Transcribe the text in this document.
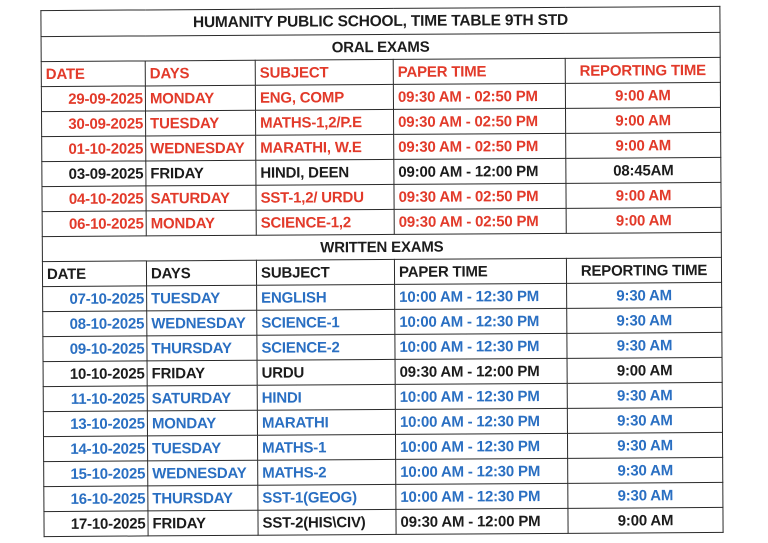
HUMANITY PUBLIC SCHOOL, TIME TABLE 9TH STD				
ORAL EXAMS				
DATE	DAYS	SUBJECT	PAPER TIME	REPORTING TIME
29-09-2025	MONDAY	ENG, COMP	09:30 AM - 02:50 PM	9:00 AM
30-09-2025	TUESDAY	MATHS-1,2/P.E	09:30 AM - 02:50 PM	9:00 AM
01-10-2025	WEDNESDAY	MARATHI, W.E	09:30 AM - 02:50 PM	9:00 AM
03-09-2025	FRIDAY	HINDI, DEEN	09:00 AM - 12:00 PM	08:45AM
04-10-2025	SATURDAY	SST-1,2/ URDU	09:30 AM - 02:50 PM	9:00 AM
06-10-2025	MONDAY	SCIENCE-1,2	09:30 AM - 02:50 PM	9:00 AM
WRITTEN EXAMS				
DATE	DAYS	SUBJECT	PAPER TIME	REPORTING TIME
07-10-2025	TUESDAY	ENGLISH	10:00 AM - 12:30 PM	9:30 AM
08-10-2025	WEDNESDAY	SCIENCE-1	10:00 AM - 12:30 PM	9:30 AM
09-10-2025	THURSDAY	SCIENCE-2	10:00 AM - 12:30 PM	9:30 AM
10-10-2025	FRIDAY	URDU	09:30 AM - 12:00 PM	9:00 AM
11-10-2025	SATURDAY	HINDI	10:00 AM - 12:30 PM	9:30 AM
13-10-2025	MONDAY	MARATHI	10:00 AM - 12:30 PM	9:30 AM
14-10-2025	TUESDAY	MATHS-1	10:00 AM - 12:30 PM	9:30 AM
15-10-2025	WEDNESDAY	MATHS-2	10:00 AM - 12:30 PM	9:30 AM
16-10-2025	THURSDAY	SST-1(GEOG)	10:00 AM - 12:30 PM	9:30 AM
17-10-2025	FRIDAY	SST-2(HIS\CIV)	09:30 AM - 12:00 PM	9:00 AM
